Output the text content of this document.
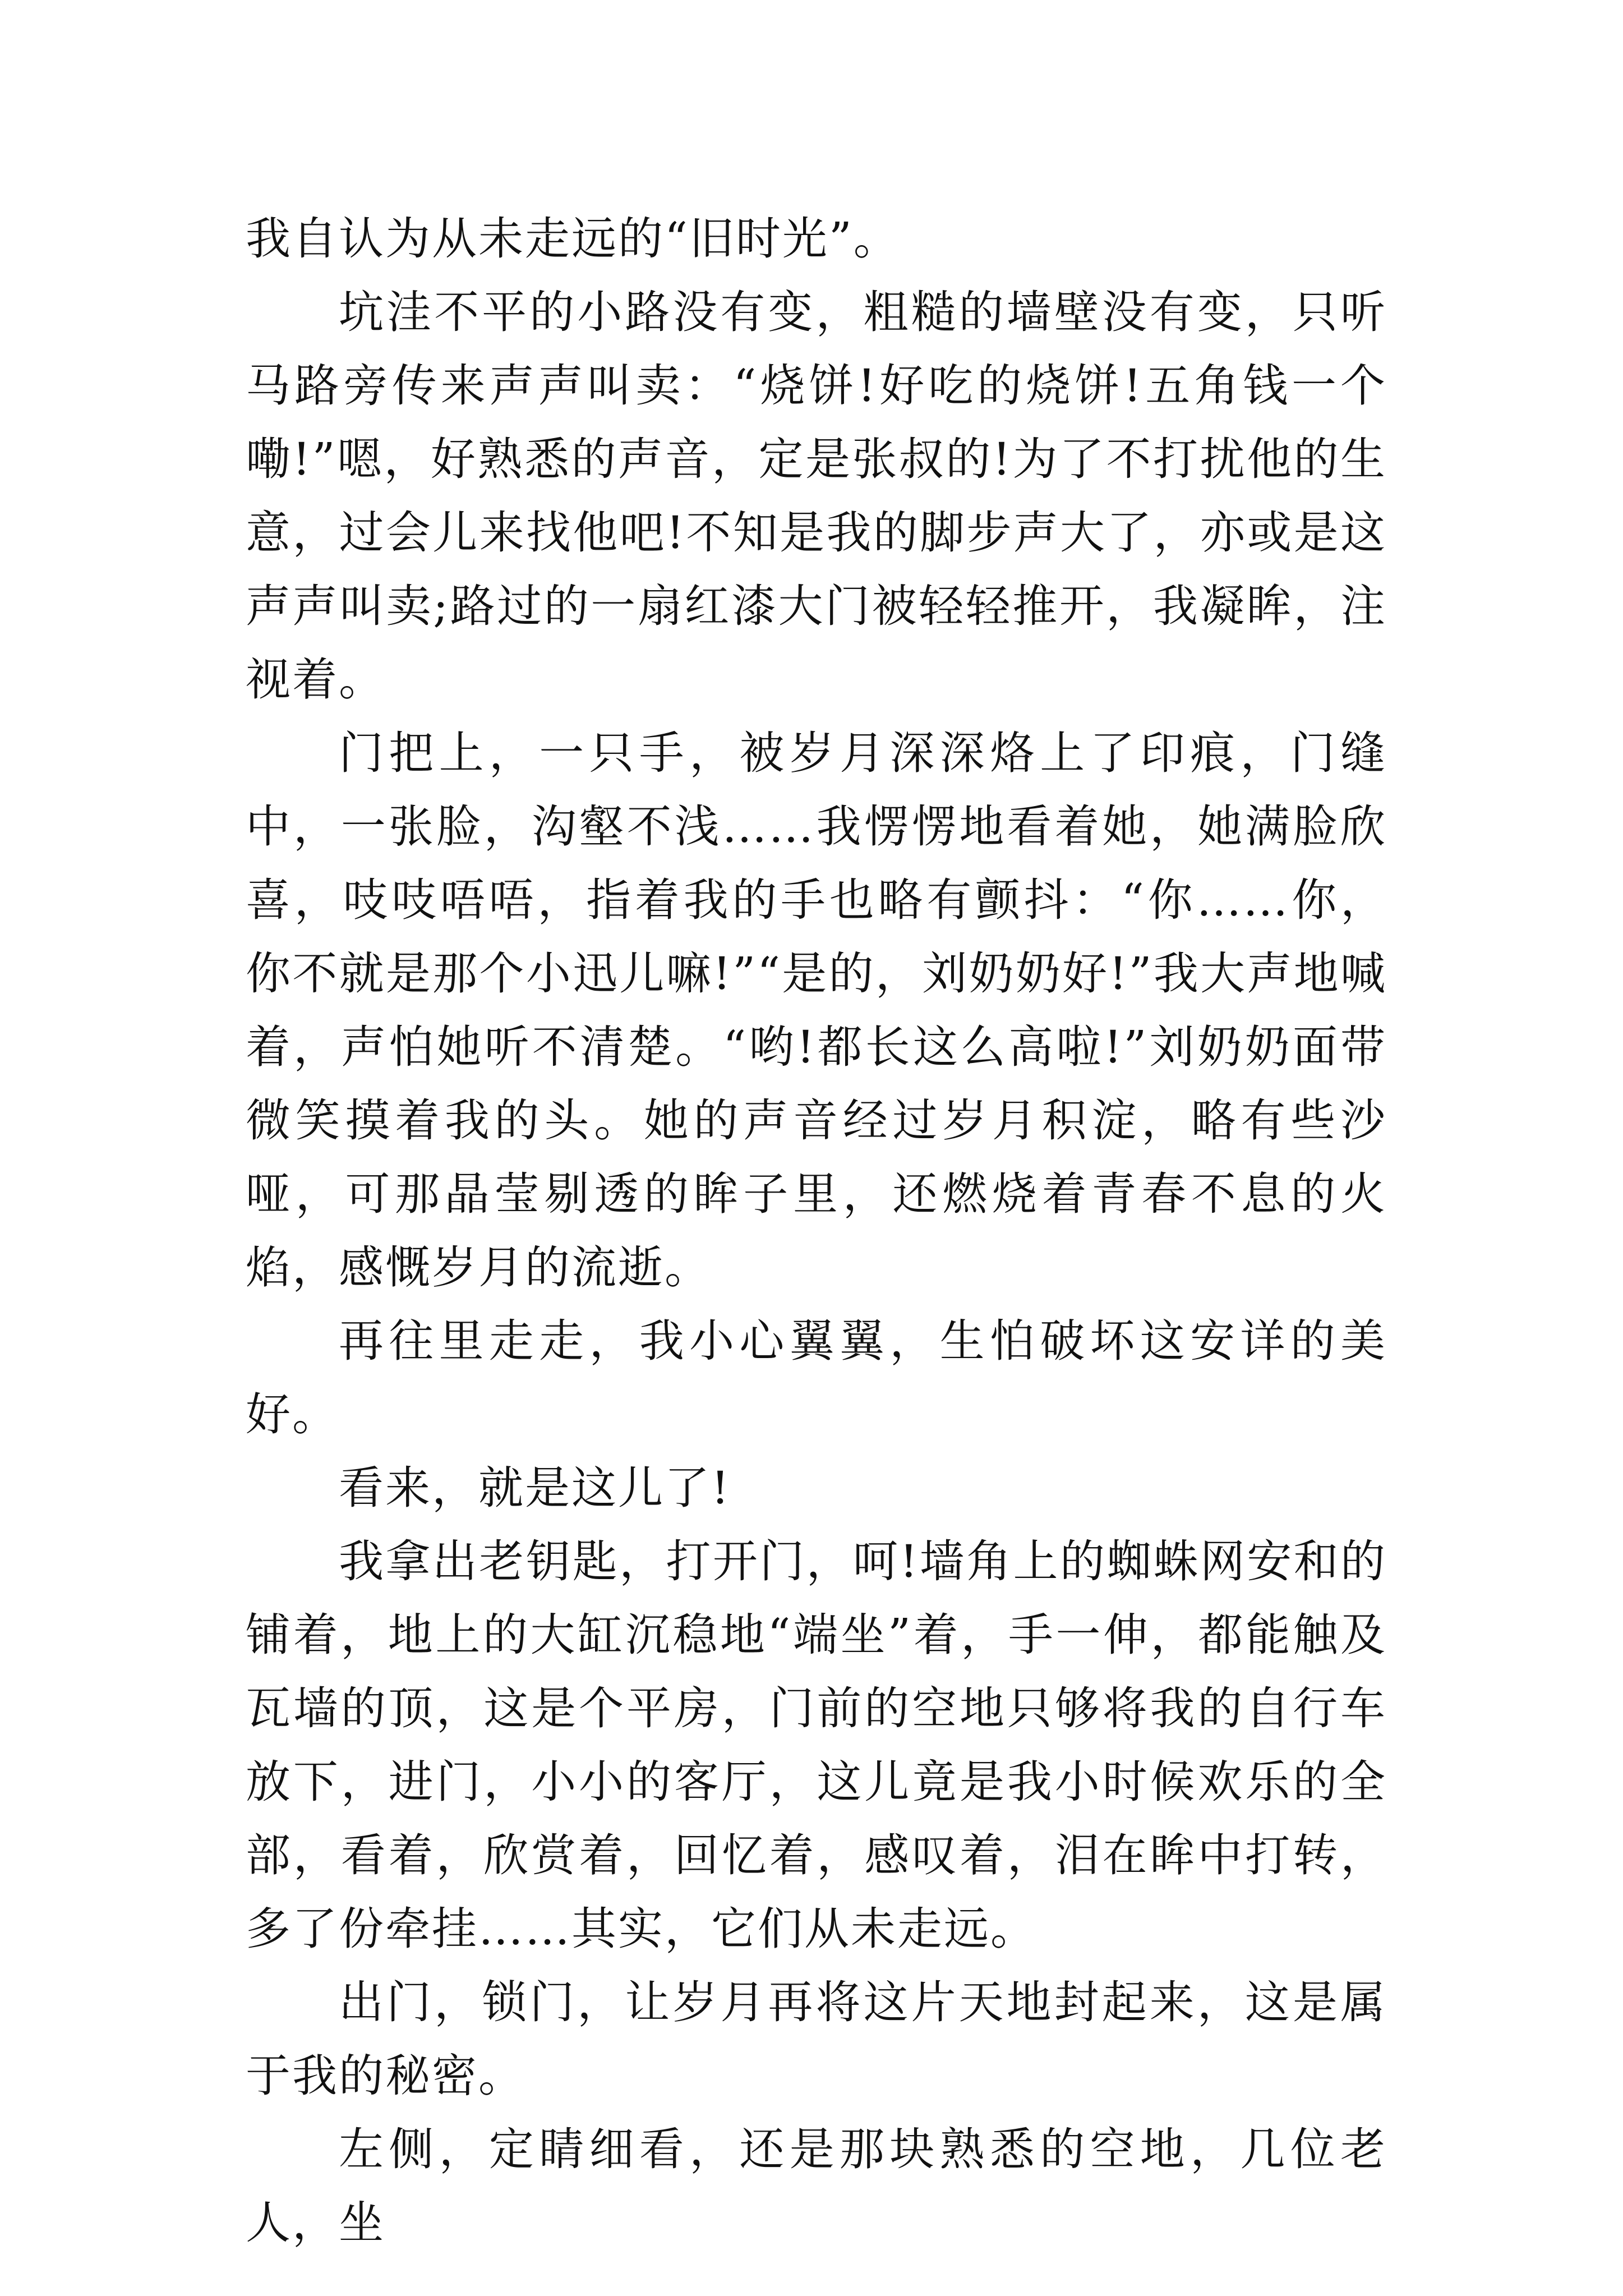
我自认为从未走远的“旧时光”。

坑洼不平的小路没有变，粗糙的墙壁没有变，只听马路旁传来声声叫卖：“烧饼!好吃的烧饼!五角钱一个嘞!”嗯，好熟悉的声音，定是张叔的!为了不打扰他的生意，过会儿来找他吧!不知是我的脚步声大了，亦或是这声声叫卖;路过的一扇红漆大门被轻轻推开，我凝眸，注视着。

门把上，一只手，被岁月深深烙上了印痕，门缝中，一张脸，沟壑不浅……我愣愣地看着她，她满脸欣喜，吱吱唔唔，指着我的手也略有颤抖：“你……你，你不就是那个小迅儿嘛!”“是的，刘奶奶好!”我大声地喊着，声怕她听不清楚。“哟!都长这么高啦!”刘奶奶面带微笑摸着我的头。她的声音经过岁月积淀，略有些沙哑，可那晶莹剔透的眸子里，还燃烧着青春不息的火焰，感慨岁月的流逝。

再往里走走，我小心翼翼，生怕破坏这安详的美好。

看来，就是这儿了!

我拿出老钥匙，打开门，呵!墙角上的蜘蛛网安和的铺着，地上的大缸沉稳地“端坐”着，手一伸，都能触及瓦墙的顶，这是个平房，门前的空地只够将我的自行车放下，进门，小小的客厅，这儿竟是我小时候欢乐的全部，看着，欣赏着，回忆着，感叹着，泪在眸中打转，多了份牵挂……其实，它们从未走远。

出门，锁门，让岁月再将这片天地封起来，这是属于我的秘密。

左侧，定睛细看，还是那块熟悉的空地，几位老人，坐
